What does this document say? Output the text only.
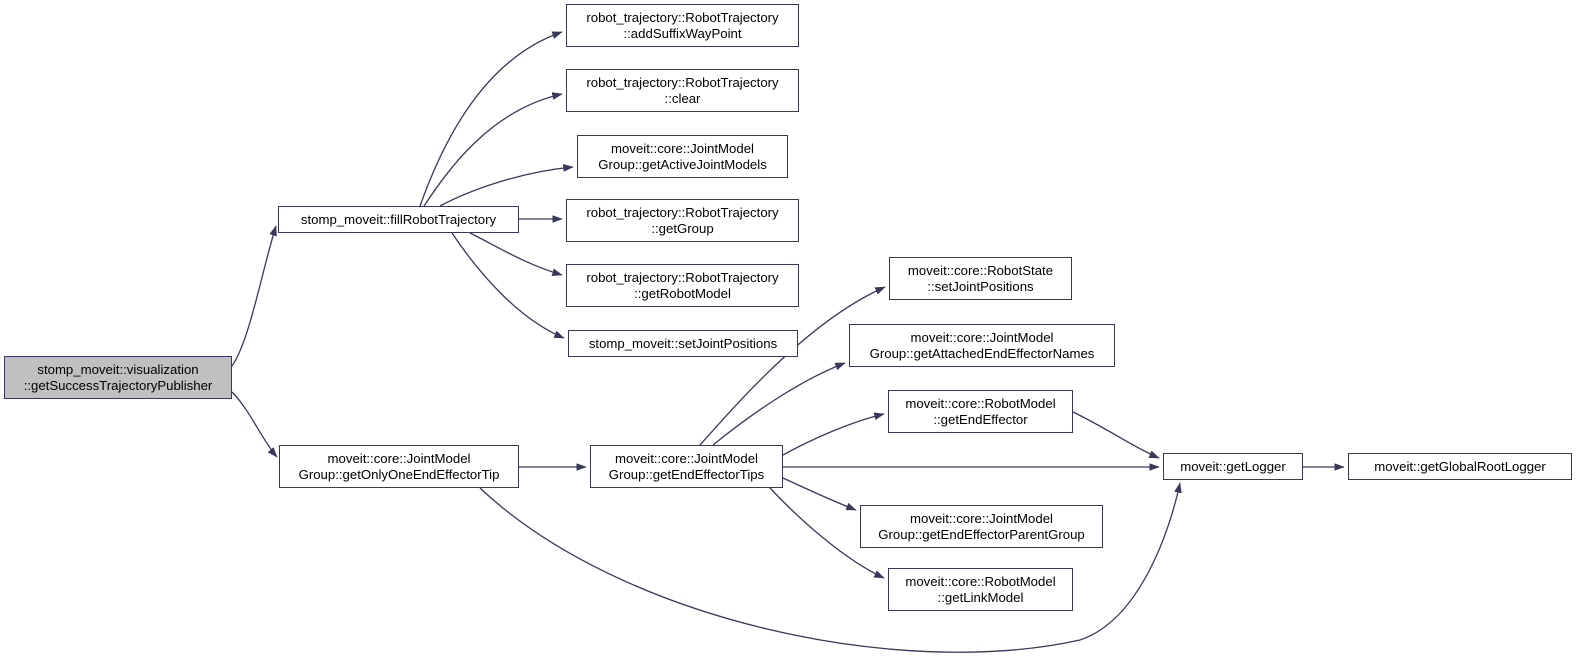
stomp_moveit::visualization
::getSuccessTrajectoryPublisher
stomp_moveit::fillRobotTrajectory
robot_trajectory::RobotTrajectory
::addSuffixWayPoint
robot_trajectory::RobotTrajectory
::clear
moveit::core::JointModel
Group::getActiveJointModels
robot_trajectory::RobotTrajectory
::getGroup
robot_trajectory::RobotTrajectory
::getRobotModel
stomp_moveit::setJointPositions
moveit::core::RobotState
::setJointPositions
moveit::core::JointModel
Group::getAttachedEndEffectorNames
moveit::core::RobotModel
::getEndEffector
moveit::core::JointModel
Group::getOnlyOneEndEffectorTip
moveit::core::JointModel
Group::getEndEffectorTips
moveit::core::JointModel
Group::getEndEffectorParentGroup
moveit::core::RobotModel
::getLinkModel
moveit::getLogger	moveit::getGlobalRootLogger
